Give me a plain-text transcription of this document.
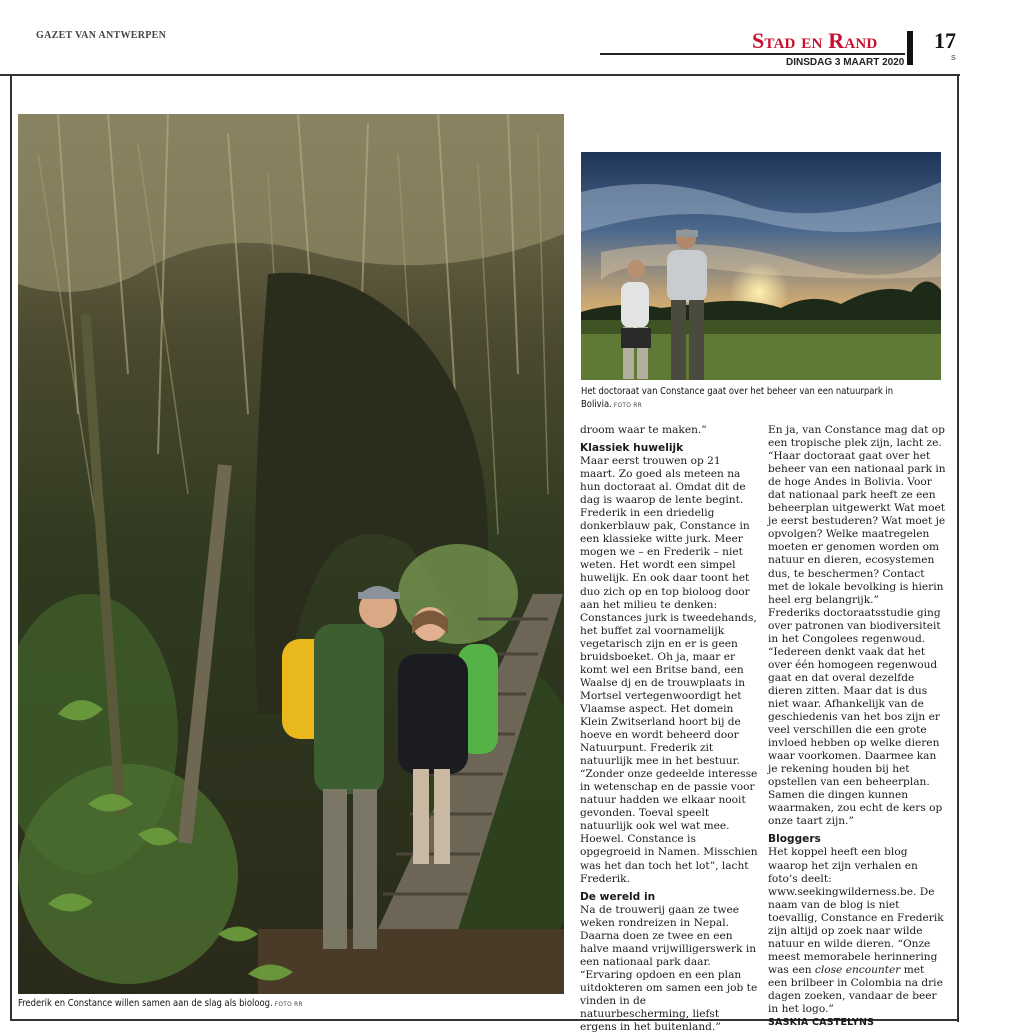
GAZET VAN ANTWERPEN	Stad en Rand	17
S
DINSDAG 3 MAART 2020
Frederik en Constance willen samen aan de slag als bioloog. FOTO RR
Het doctoraat van Constance gaat over het beheer van een natuurpark in Bolivia. FOTO RR

droom waar te maken.”

Klassiek huwelijk

Maar eerst trouwen op 21 maart. Zo goed als meteen na hun doctoraat al. Omdat dit de dag is waarop de lente begint. Frederik in een driedelig donkerblauw pak, Constance in een klassieke witte jurk. Meer mogen we – en Frederik – niet weten. Het wordt een simpel huwelijk. En ook daar toont het duo zich op en top bioloog door aan het milieu te denken: Constances jurk is tweedehands, het buffet zal voornamelijk vegetarisch zijn en er is geen bruidsboeket. Oh ja, maar er komt wel een Britse band, een Waalse dj en de trouwplaats in Mortsel vertegenwoordigt het Vlaamse aspect. Het domein Klein Zwitserland hoort bij de hoeve en wordt beheerd door Natuurpunt. Frederik zit natuurlijk mee in het bestuur.

“Zonder onze gedeelde interesse in wetenschap en de passie voor natuur hadden we elkaar nooit gevonden. Toeval speelt natuurlijk ook wel wat mee. Hoewel. Constance is opgegroeid in Namen. Misschien was het dan toch het lot”, lacht Frederik.

De wereld in

Na de trouwerij gaan ze twee weken rondreizen in Nepal. Daarna doen ze twee en een halve maand vrijwilligerswerk in een nationaal park daar. “Ervaring opdoen en een plan uitdokteren om samen een job te vinden in de natuurbescherming, liefst ergens in het buitenland.”

En ja, van Constance mag dat op een tropische plek zijn, lacht ze. “Haar doctoraat gaat over het beheer van een nationaal park in de hoge Andes in Bolivia. Voor dat nationaal park heeft ze een beheerplan uitgewerkt Wat moet je eerst bestuderen? Wat moet je opvolgen? Welke maatregelen moeten er genomen worden om natuur en dieren, ecosystemen dus, te beschermen? Contact met de lokale bevolking is hierin heel erg belangrijk.”

Frederiks doctoraatsstudie ging over patronen van biodiversiteit in het Congolees regenwoud. “Iedereen denkt vaak dat het over één homogeen regenwoud gaat en dat overal dezelfde dieren zitten. Maar dat is dus niet waar. Afhankelijk van de geschiedenis van het bos zijn er veel verschillen die een grote invloed hebben op welke dieren waar voorkomen. Daarmee kan je rekening houden bij het opstellen van een beheerplan. Samen die dingen kunnen waarmaken, zou echt de kers op onze taart zijn.”

Bloggers

Het koppel heeft een blog waarop het zijn verhalen en foto’s deelt: www.seekingwilderness.be. De naam van de blog is niet toevallig, Constance en Frederik zijn altijd op zoek naar wilde natuur en wilde dieren. “Onze meest memorabele herinnering was een close encounter met een brilbeer in Colombia na drie dagen zoeken, vandaar de beer in het logo.”

SASKIA CASTELYNS
